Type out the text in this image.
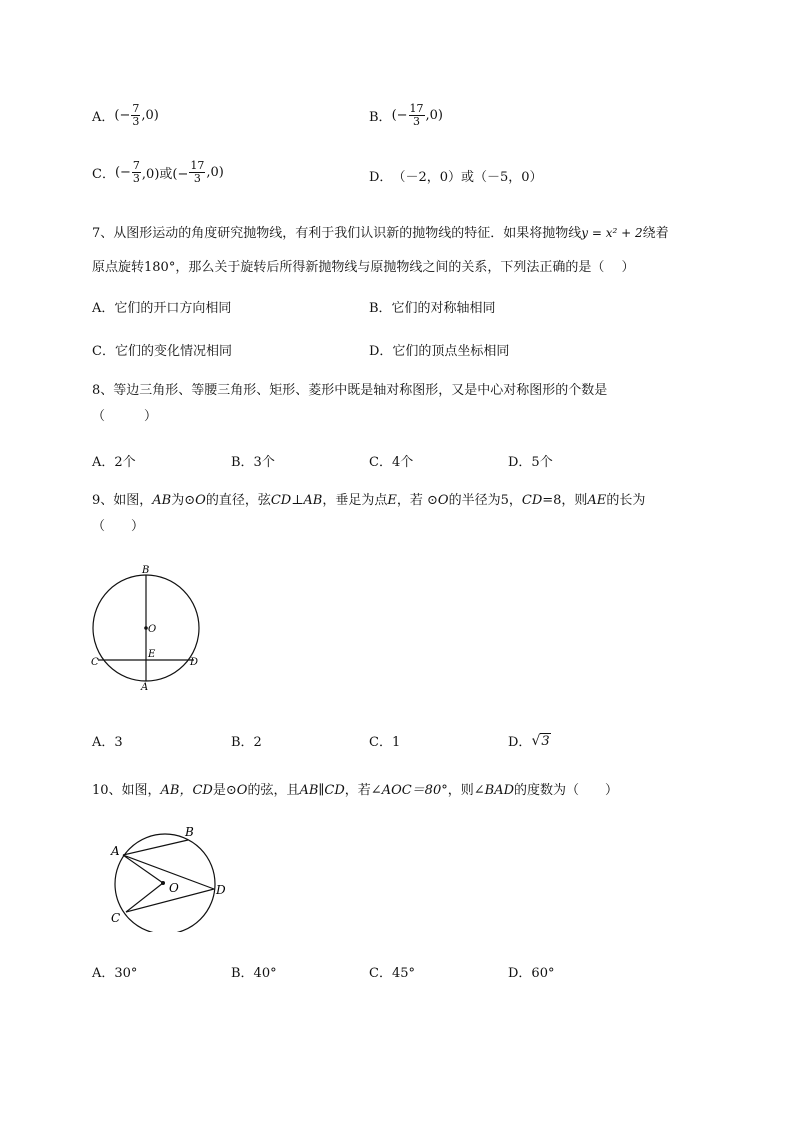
A． (− $\frac{7}{3} ,0$)	B． (− $\frac{17}{3} ,0$)
C． (− $\frac{7}{3} ,0$)或(− $\frac{17}{3} ,0$)	D． （－2，0）或（－5，0）
7、从图形运动的角度研究抛物线，有利于我们认识新的抛物线的特征．如果将抛物线y = x² + 2绕着
原点旋转180°，那么关于旋转后所得新抛物线与原抛物线之间的关系，下列法正确的是（　 ）
A．它们的开口方向相同	B．它们的对称轴相同
C．它们的变化情况相同	D．它们的顶点坐标相同
8、等边三角形、等腰三角形、矩形、菱形中既是轴对称图形，又是中心对称图形的个数是
（　　　）
A．2个	B．3个	C．4个	D．5个
9、如图，AB为⊙O的直径，弦CD⊥AB，垂足为点E，若 ⊙O的半径为5，CD=8，则AE的长为
（　　）
B
O
C
E
D
A
A．3	B．2	C．1	D． √ 3
10、如图，AB，CD是⊙O的弦，且AB∥CD，若∠AOC＝80°，则∠BAD的度数为（　　）
A
B
O	D
C
A．30°	B．40°	C．45°	D．60°
